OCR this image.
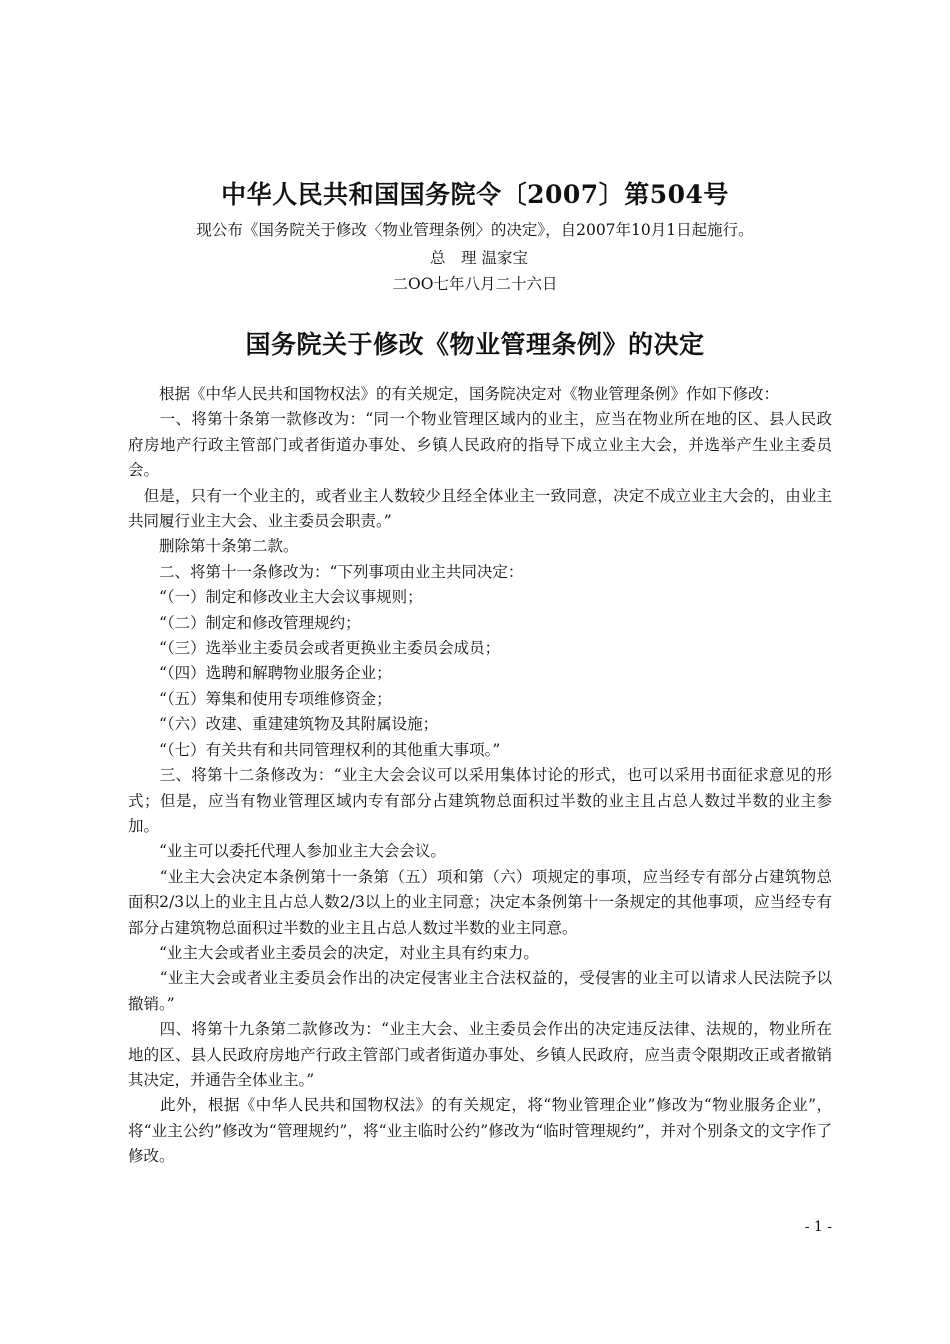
中华人民共和国国务院令〔2007〕第504号
现公布《国务院关于修改〈物业管理条例〉的决定》，自2007年10月1日起施行。
总　理 温家宝
二OO七年八月二十六日
国务院关于修改《物业管理条例》的决定

　　根据《中华人民共和国物权法》的有关规定，国务院决定对《物业管理条例》作如下修改：

　　一、将第十条第一款修改为：“同一个物业管理区域内的业主，应当在物业所在地的区、县人民政府房地产行政主管部门或者街道办事处、乡镇人民政府的指导下成立业主大会，并选举产生业主委员会。

　但是，只有一个业主的，或者业主人数较少且经全体业主一致同意，决定不成立业主大会的，由业主共同履行业主大会、业主委员会职责。”

　　删除第十条第二款。

　　二、将第十一条修改为：“下列事项由业主共同决定：

　　“（一）制定和修改业主大会议事规则；

　　“（二）制定和修改管理规约；

　　“（三）选举业主委员会或者更换业主委员会成员；

　　“（四）选聘和解聘物业服务企业；

　　“（五）筹集和使用专项维修资金；

　　“（六）改建、重建建筑物及其附属设施；

　　“（七）有关共有和共同管理权利的其他重大事项。”

　　三、将第十二条修改为：“业主大会会议可以采用集体讨论的形式，也可以采用书面征求意见的形式；但是，应当有物业管理区域内专有部分占建筑物总面积过半数的业主且占总人数过半数的业主参加。

　　“业主可以委托代理人参加业主大会会议。

　　“业主大会决定本条例第十一条第（五）项和第（六）项规定的事项，应当经专有部分占建筑物总面积2/3以上的业主且占总人数2/3以上的业主同意；决定本条例第十一条规定的其他事项，应当经专有部分占建筑物总面积过半数的业主且占总人数过半数的业主同意。

　　“业主大会或者业主委员会的决定，对业主具有约束力。

　　“业主大会或者业主委员会作出的决定侵害业主合法权益的，受侵害的业主可以请求人民法院予以撤销。”

　　四、将第十九条第二款修改为：“业主大会、业主委员会作出的决定违反法律、法规的，物业所在地的区、县人民政府房地产行政主管部门或者街道办事处、乡镇人民政府，应当责令限期改正或者撤销其决定，并通告全体业主。”

　　此外，根据《中华人民共和国物权法》的有关规定，将“物业管理企业”修改为“物业服务企业”，将“业主公约”修改为“管理规约”，将“业主临时公约”修改为“临时管理规约”，并对个别条文的文字作了修改。

- 1 -
